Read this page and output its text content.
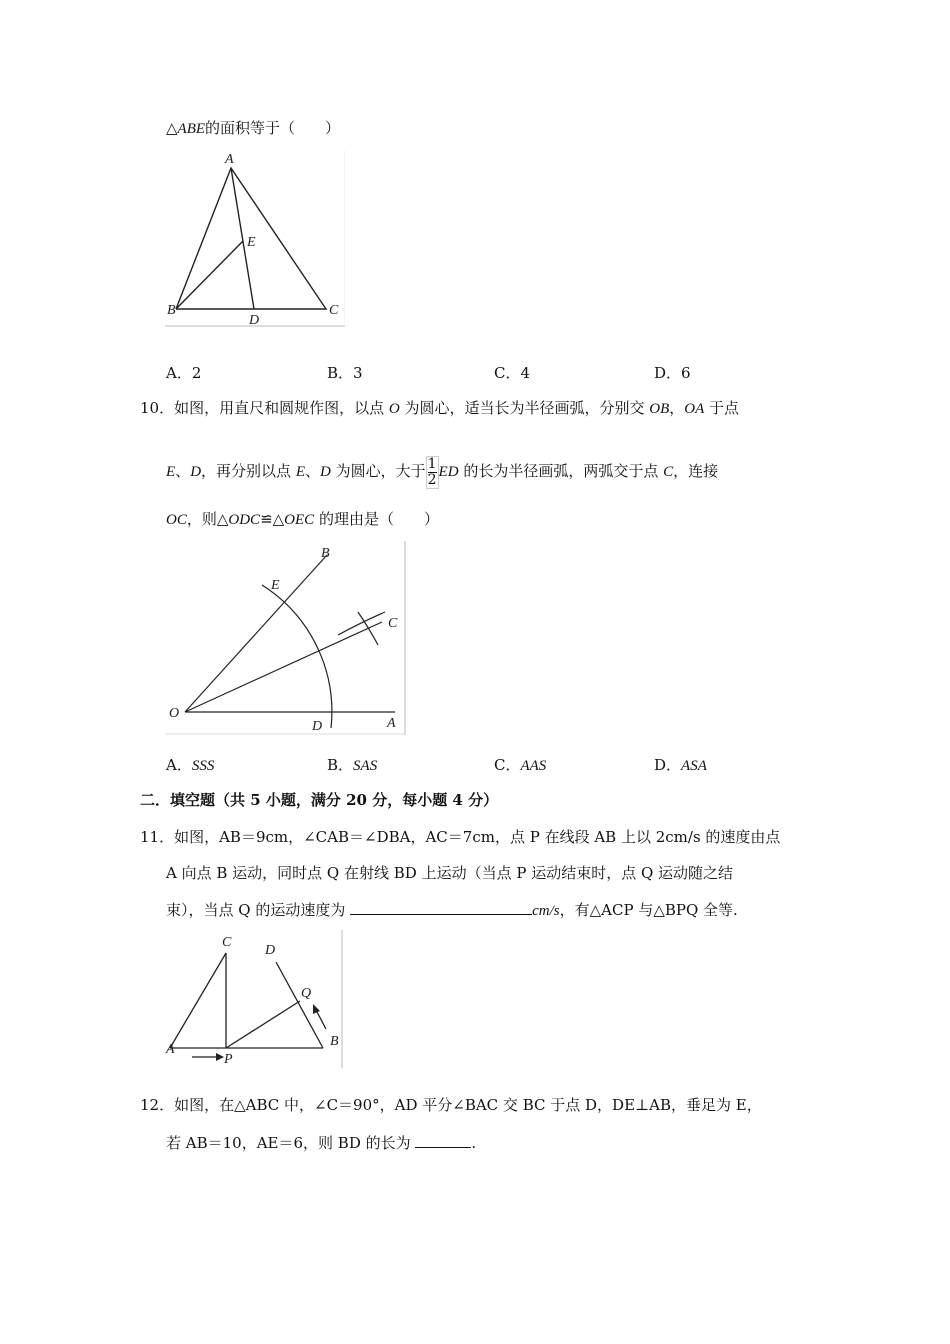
△ABE的面积等于（　　）
A
E
B	C
D
A．2	B．3	C．4	D．6
10．如图，用直尺和圆规作图，以点 O 为圆心，适当长为半径画弧，分别交 OB，OA 于点
E、D，再分别以点 E、D 为圆心，大于 $\frac{1}{2}$ ED 的长为半径画弧，两弧交于点 C，连接
OC，则△ODC≌△OEC 的理由是（　　）
B
E
C
O
D	A
A．SSS	B．SAS	C．AAS	D．ASA
二．填空题（共 5 小题，满分 20 分，每小题 4 分）
11．如图，AB＝9cm，∠CAB＝∠DBA，AC＝7cm，点 P 在线段 AB 上以 2cm/s 的速度由点
A 向点 B 运动，同时点 Q 在射线 BD 上运动（当点 P 运动结束时，点 Q 运动随之结
束），当点 Q 的运动速度为	cm/s，有△ACP 与△BPQ 全等.
C
D
Q
B
A
P
12．如图，在△ABC 中，∠C＝90°，AD 平分∠BAC 交 BC 于点 D，DE⊥AB，垂足为 E，
若 AB＝10，AE＝6，则 BD 的长为	.
